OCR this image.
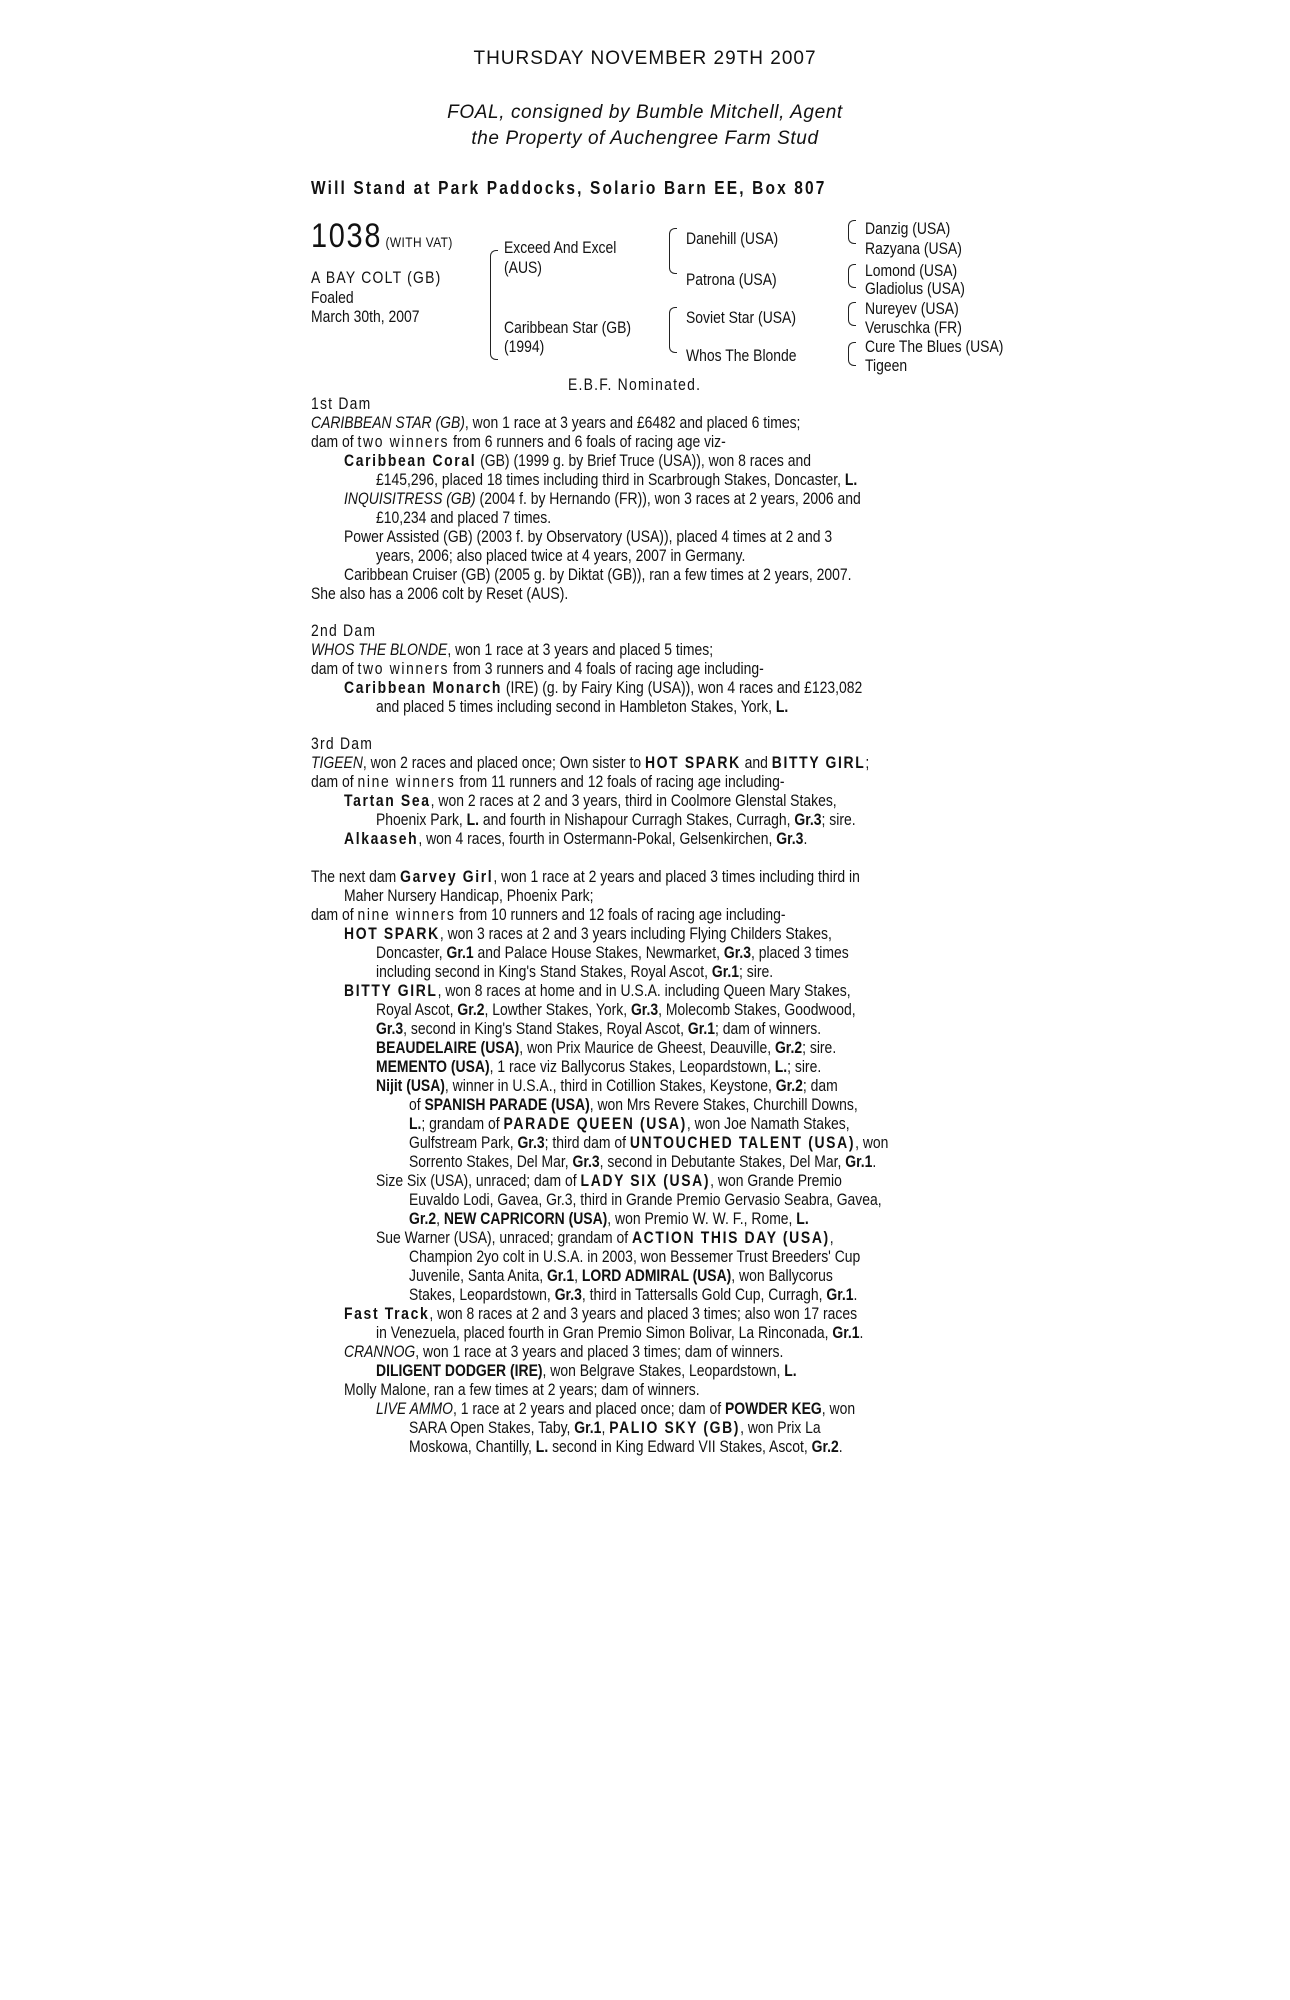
THURSDAY NOVEMBER 29TH 2007
FOAL, consigned by Bumble Mitchell, Agent
the Property of Auchengree Farm Stud
Will Stand at Park Paddocks, Solario Barn EE, Box 807
1038 (WITH VAT)
A BAY COLT (GB)
Foaled
March 30th, 2007
Exceed And Excel
(AUS)
Caribbean Star (GB)
(1994)
Danehill (USA)
Patrona (USA)
Soviet Star (USA)
Whos The Blonde
Danzig (USA)
Razyana (USA)
Lomond (USA)
Gladiolus (USA)
Nureyev (USA)
Veruschka (FR)
Cure The Blues (USA)
Tigeen
E.B.F. Nominated.
1st Dam
CARIBBEAN STAR (GB), won 1 race at 3 years and £6482 and placed 6 times;
dam of two winners from 6 runners and 6 foals of racing age viz-
Caribbean Coral (GB) (1999 g. by Brief Truce (USA)), won 8 races and
£145,296, placed 18 times including third in Scarbrough Stakes, Doncaster, L.
INQUISITRESS (GB) (2004 f. by Hernando (FR)), won 3 races at 2 years, 2006 and
£10,234 and placed 7 times.
Power Assisted (GB) (2003 f. by Observatory (USA)), placed 4 times at 2 and 3
years, 2006; also placed twice at 4 years, 2007 in Germany.
Caribbean Cruiser (GB) (2005 g. by Diktat (GB)), ran a few times at 2 years, 2007.
She also has a 2006 colt by Reset (AUS).
2nd Dam
WHOS THE BLONDE, won 1 race at 3 years and placed 5 times;
dam of two winners from 3 runners and 4 foals of racing age including-
Caribbean Monarch (IRE) (g. by Fairy King (USA)), won 4 races and £123,082
and placed 5 times including second in Hambleton Stakes, York, L.
3rd Dam
TIGEEN, won 2 races and placed once; Own sister to HOT SPARK and BITTY GIRL;
dam of nine winners from 11 runners and 12 foals of racing age including-
Tartan Sea, won 2 races at 2 and 3 years, third in Coolmore Glenstal Stakes,
Phoenix Park, L. and fourth in Nishapour Curragh Stakes, Curragh, Gr.3; sire.
Alkaaseh, won 4 races, fourth in Ostermann-Pokal, Gelsenkirchen, Gr.3.
The next dam Garvey Girl, won 1 race at 2 years and placed 3 times including third in
Maher Nursery Handicap, Phoenix Park;
dam of nine winners from 10 runners and 12 foals of racing age including-
HOT SPARK, won 3 races at 2 and 3 years including Flying Childers Stakes,
Doncaster, Gr.1 and Palace House Stakes, Newmarket, Gr.3, placed 3 times
including second in King's Stand Stakes, Royal Ascot, Gr.1; sire.
BITTY GIRL, won 8 races at home and in U.S.A. including Queen Mary Stakes,
Royal Ascot, Gr.2, Lowther Stakes, York, Gr.3, Molecomb Stakes, Goodwood,
Gr.3, second in King's Stand Stakes, Royal Ascot, Gr.1; dam of winners.
BEAUDELAIRE (USA), won Prix Maurice de Gheest, Deauville, Gr.2; sire.
MEMENTO (USA), 1 race viz Ballycorus Stakes, Leopardstown, L.; sire.
Nijit (USA), winner in U.S.A., third in Cotillion Stakes, Keystone, Gr.2; dam
of SPANISH PARADE (USA), won Mrs Revere Stakes, Churchill Downs,
L.; grandam of PARADE QUEEN (USA), won Joe Namath Stakes,
Gulfstream Park, Gr.3; third dam of UNTOUCHED TALENT (USA), won
Sorrento Stakes, Del Mar, Gr.3, second in Debutante Stakes, Del Mar, Gr.1.
Size Six (USA), unraced; dam of LADY SIX (USA), won Grande Premio
Euvaldo Lodi, Gavea, Gr.3, third in Grande Premio Gervasio Seabra, Gavea,
Gr.2, NEW CAPRICORN (USA), won Premio W. W. F., Rome, L.
Sue Warner (USA), unraced; grandam of ACTION THIS DAY (USA),
Champion 2yo colt in U.S.A. in 2003, won Bessemer Trust Breeders' Cup
Juvenile, Santa Anita, Gr.1, LORD ADMIRAL (USA), won Ballycorus
Stakes, Leopardstown, Gr.3, third in Tattersalls Gold Cup, Curragh, Gr.1.
Fast Track, won 8 races at 2 and 3 years and placed 3 times; also won 17 races
in Venezuela, placed fourth in Gran Premio Simon Bolivar, La Rinconada, Gr.1.
CRANNOG, won 1 race at 3 years and placed 3 times; dam of winners.
DILIGENT DODGER (IRE), won Belgrave Stakes, Leopardstown, L.
Molly Malone, ran a few times at 2 years; dam of winners.
LIVE AMMO, 1 race at 2 years and placed once; dam of POWDER KEG, won
SARA Open Stakes, Taby, Gr.1, PALIO SKY (GB), won Prix La
Moskowa, Chantilly, L. second in King Edward VII Stakes, Ascot, Gr.2.
